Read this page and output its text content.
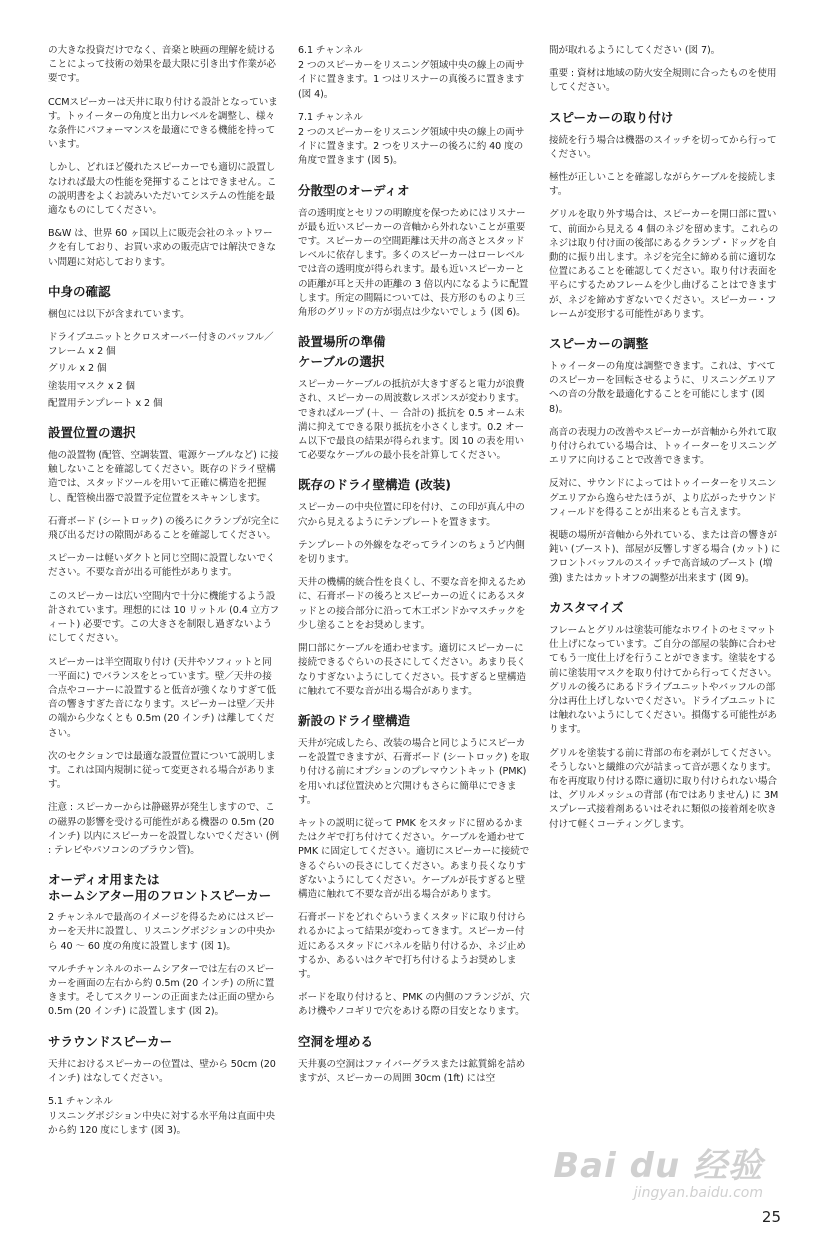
の大きな投資だけでなく、音楽と映画の理解を続けることによって技術の効果を最大限に引き出す作業が必要です。

CCMスピーカーは天井に取り付ける設計となっています。トゥイーターの角度と出力レベルを調整し、様々な条件にパフォーマンスを最適にできる機能を持っています。

しかし、どれほど優れたスピーカーでも適切に設置しなければ最大の性能を発揮することはできません。この説明書をよくお読みいただいてシステムの性能を最適なものにしてください。

B&W は、世界 60 ヶ国以上に販売会社のネットワークを有しており、お買い求めの販売店では解決できない問題に対応しております。

中身の確認

梱包には以下が含まれています。

ドライブユニットとクロスオーバー付きのバッフル／フレーム x 2 個

グリル x 2 個

塗装用マスク x 2 個

配置用テンプレート x 2 個

設置位置の選択

他の設置物 (配管、空調装置、電源ケーブルなど) に接触しないことを確認してください。既存のドライ壁構造では、スタッドツールを用いて正確に構造を把握し、配管検出器で設置予定位置をスキャンします。

石膏ボード (シートロック) の後ろにクランプが完全に飛び出るだけの隙間があることを確認してください。

スピーカーは軽いダクトと同じ空間に設置しないでください。不要な音が出る可能性があります。

このスピーカーは広い空間内で十分に機能するよう設計されています。理想的には 10 リットル (0.4 立方フィート) 必要です。この大きさを制限し過ぎないようにしてください。

スピーカーは半空間取り付け (天井やソフィットと同一平面に) でバランスをとっています。壁／天井の接合点やコーナーに設置すると低音が強くなりすぎて低音の響きすぎた音になります。スピーカーは壁／天井の端から少なくとも 0.5m (20 インチ) は離してください。

次のセクションでは最適な設置位置について説明します。これは国内規制に従って変更される場合があります。

注意 : スピーカーからは静磁界が発生しますので、この磁界の影響を受ける可能性がある機器の 0.5m (20 インチ) 以内にスピーカーを設置しないでください (例 : テレビやパソコンのブラウン管)。

オーディオ用または
ホームシアター用のフロントスピーカー

2 チャンネルで最高のイメージを得るためにはスピーカーを天井に設置し、リスニングポジションの中央から 40 ～ 60 度の角度に設置します (図 1)。

マルチチャンネルのホームシアターでは左右のスピーカーを画面の左右から約 0.5m (20 インチ) の所に置きます。そしてスクリーンの正面または正面の壁から 0.5m (20 インチ) に設置します (図 2)。

サラウンドスピーカー

天井におけるスピーカーの位置は、壁から 50cm (20 インチ) はなしてください。

5.1 チャンネル

リスニングポジション中央に対する水平角は直面中央から約 120 度にします (図 3)。

6.1 チャンネル

2 つのスピーカーをリスニング領域中央の線上の両サイドに置きます。1 つはリスナーの真後ろに置きます (図 4)。

7.1 チャンネル

2 つのスピーカーをリスニング領域中央の線上の両サイドに置きます。2 つをリスナーの後ろに約 40 度の角度で置きます (図 5)。

分散型のオーディオ

音の透明度とセリフの明瞭度を保つためにはリスナーが最も近いスピーカーの音軸から外れないことが重要です。スピーカーの空間距離は天井の高さとスタッドレベルに依存します。多くのスピーカーはローレベルでは音の透明度が得られます。最も近いスピーカーとの距離が耳と天井の距離の 3 倍以内になるように配置します。所定の間隔については、長方形のものより三角形のグリッドの方が弱点は少ないでしょう (図 6)。

設置場所の準備
ケーブルの選択

スピーカーケーブルの抵抗が大きすぎると電力が浪費され、スピーカーの周波数レスポンスが変わります。できればループ (＋、－ 合計の) 抵抗を 0.5 オーム未満に抑えてできる限り抵抗を小さくします。0.2 オーム以下で最良の結果が得られます。図 10 の表を用いて必要なケーブルの最小長を計算してください。

既存のドライ壁構造 (改装)

スピーカーの中央位置に印を付け、この印が真ん中の穴から見えるようにテンプレートを置きます。

テンプレートの外線をなぞってラインのちょうど内側を切ります。

天井の機構的統合性を良くし、不要な音を抑えるために、石膏ボードの後ろとスピーカーの近くにあるスタッドとの接合部分に沿って木工ボンドかマスチックを少し塗ることをお奨めします。

開口部にケーブルを通わせます。適切にスピーカーに接続できるぐらいの長さにしてください。あまり長くなりすぎないようにしてください。長すぎると壁構造に触れて不要な音が出る場合があります。

新設のドライ壁構造

天井が完成したら、改装の場合と同じようにスピーカーを設置できますが、石膏ボード (シートロック) を取り付ける前にオプションのプレマウントキット (PMK) を用いれば位置決めと穴開けもさらに簡単にできます。

キットの説明に従って PMK をスタッドに留めるかまたはクギで打ち付けてください。ケーブルを通わせて PMK に固定してください。適切にスピーカーに接続できるぐらいの長さにしてください。あまり長くなりすぎないようにしてください。ケーブルが長すぎると壁構造に触れて不要な音が出る場合があります。

石膏ボードをどれぐらいうまくスタッドに取り付けられるかによって結果が変わってきます。スピーカー付近にあるスタッドにパネルを貼り付けるか、ネジ止めするか、あるいはクギで打ち付けるようお奨めします。

ボードを取り付けると、PMK の内側のフランジが、穴あけ機やノコギリで穴をあける際の目安となります。

空洞を埋める

天井裏の空洞はファイバーグラスまたは鉱質綿を詰めますが、スピーカーの周囲 30cm (1ft) には空

間が取れるようにしてください (図 7)。

重要 : 資材は地域の防火安全規則に合ったものを使用してください。

スピーカーの取り付け

接続を行う場合は機器のスイッチを切ってから行ってください。

極性が正しいことを確認しながらケーブルを接続します。

グリルを取り外す場合は、スピーカーを開口部に置いて、前面から見える 4 個のネジを留めます。これらのネジは取り付け面の後部にあるクランプ・ドッグを自動的に振り出します。ネジを完全に締める前に適切な位置にあることを確認してください。取り付け表面を平らにするためフレームを少し曲げることはできますが、ネジを締めすぎないでください。スピーカー・フレームが変形する可能性があります。

スピーカーの調整

トゥイーターの角度は調整できます。これは、すべてのスピーカーを回転させるように、リスニングエリアへの音の分散を最適化することを可能にします (図 8)。

高音の表現力の改善やスピーカーが音軸から外れて取り付けられている場合は、トゥイーターをリスニングエリアに向けることで改善できます。

反対に、サウンドによってはトゥイーターをリスニングエリアから逸らせたほうが、より広がったサウンドフィールドを得ることが出来るとも言えます。

視聴の場所が音軸から外れている、または音の響きが鈍い (ブースト)、部屋が反響しすぎる場合 (カット) にフロントバッフルのスイッチで高音域のブースト (増強) またはカットオフの調整が出来ます (図 9)。

カスタマイズ

フレームとグリルは塗装可能なホワイトのセミマット仕上げになっています。ご自分の部屋の装飾に合わせてもう一度仕上げを行うことができます。塗装をする前に塗装用マスクを取り付けてから行ってください。グリルの後ろにあるドライブユニットやバッフルの部分は再仕上げしないでください。ドライブユニットには触れないようにしてください。損傷する可能性があります。

グリルを塗装する前に背部の布を剥がしてください。そうしないと繊維の穴が詰まって音が悪くなります。布を再度取り付ける際に適切に取り付けられない場合は、グリルメッシュの背部 (布ではありません) に 3M スプレー式接着剤あるいはそれに類似の接着剤を吹き付けて軽くコーティングします。

Bai du 经验
jingyan.baidu.com
25
